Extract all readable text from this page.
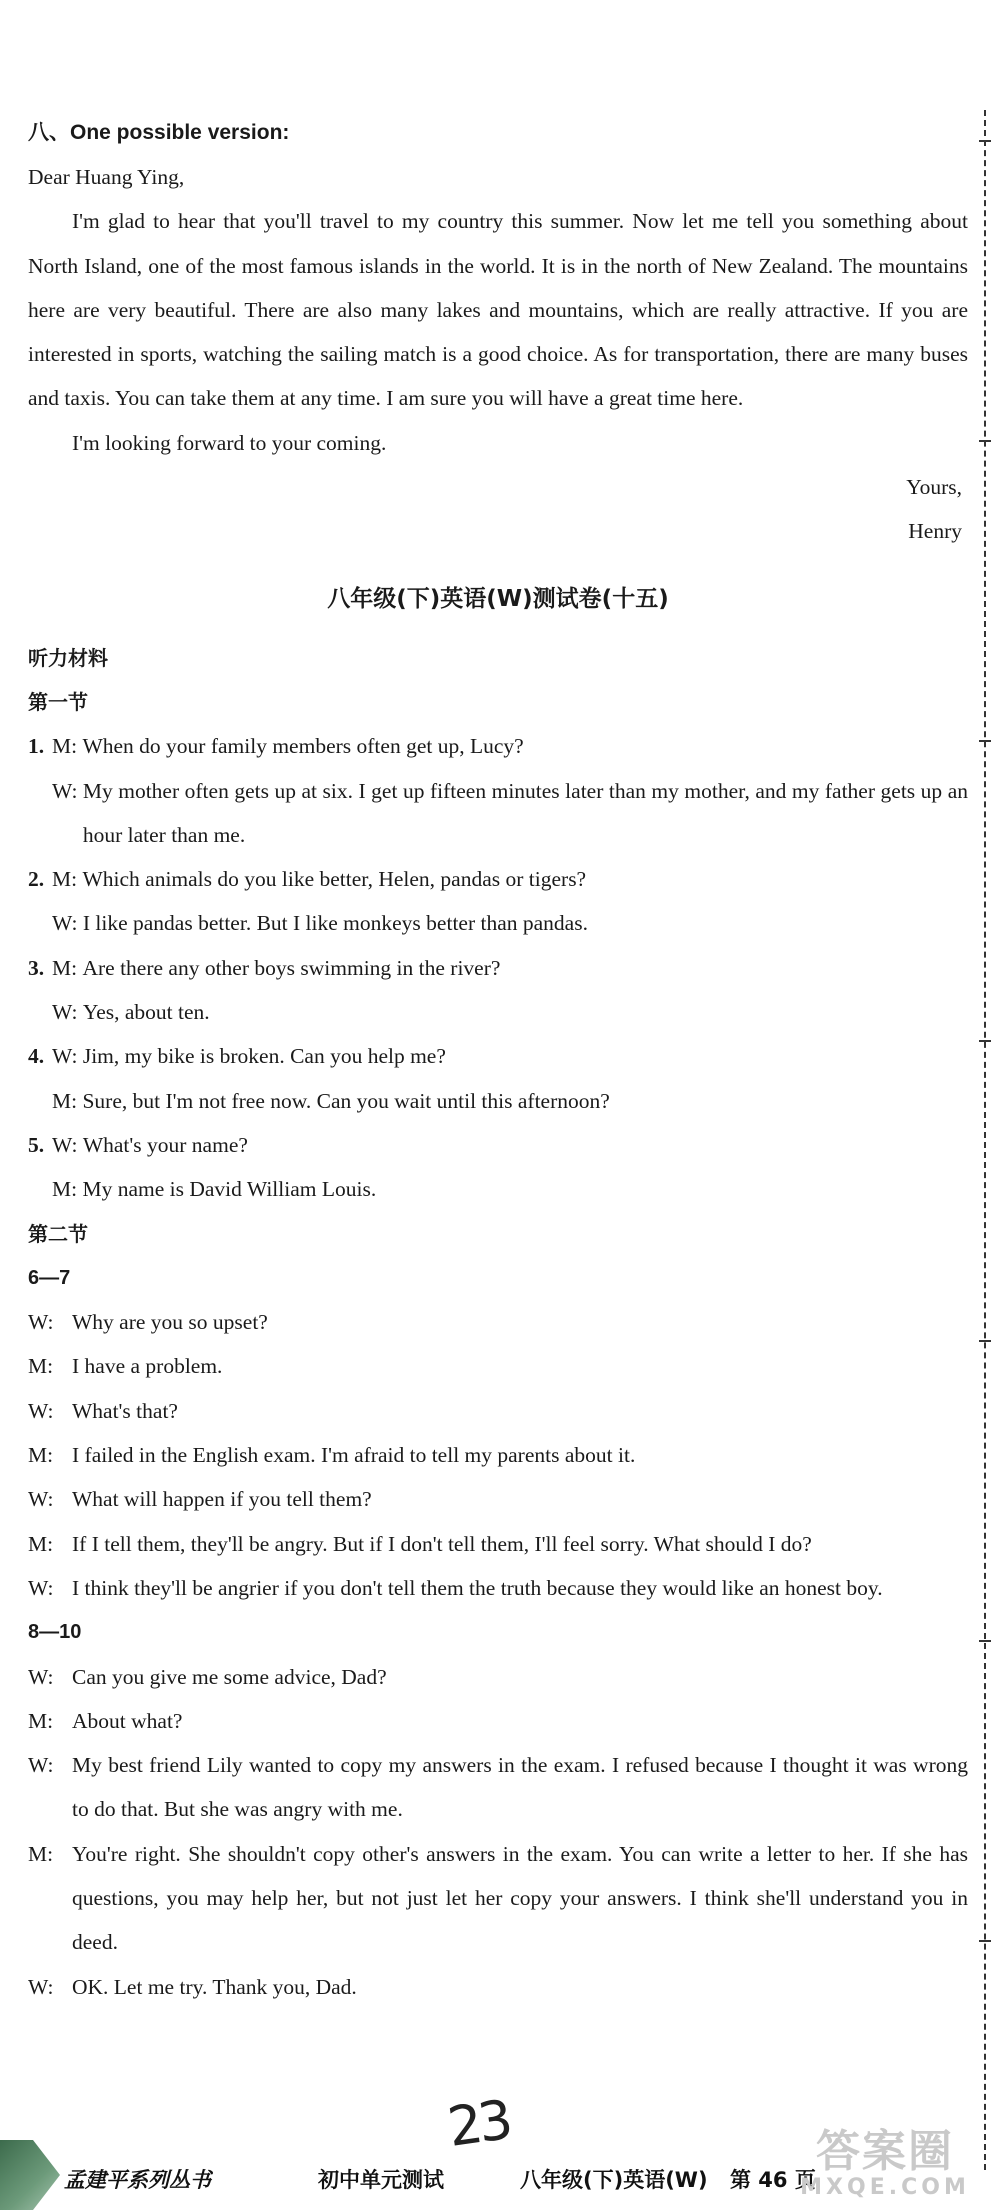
八、One possible version:

Dear Huang Ying,

I'm glad to hear that you'll travel to my country this summer. Now let me tell you something about North Island, one of the most famous islands in the world. It is in the north of New Zealand. The mountains here are very beautiful. There are also many lakes and mountains, which are really attractive. If you are interested in sports, watching the sailing match is a good choice. As for transportation, there are many buses and taxis. You can take them at any time. I am sure you will have a great time here.

I'm looking forward to your coming.

Yours,

Henry

八年级(下)英语(W)测试卷(十五)

听力材料

第一节

1. M:
When do your family members often get up, Lucy?
W:
My mother often gets up at six. I get up fifteen minutes later than my mother, and my father gets up an hour later than me.
2. M:
Which animals do you like better, Helen, pandas or tigers?
W:
I like pandas better. But I like monkeys better than pandas.
3. M:
Are there any other boys swimming in the river?
W:
Yes, about ten.
4. W:
Jim, my bike is broken. Can you help me?
M:
Sure, but I'm not free now. Can you wait until this afternoon?
5. W:
What's your name?
M:
My name is David William Louis.

第二节

6—7

W: Why are you so upset?
M: I have a problem.
W: What's that?
M: I failed in the English exam. I'm afraid to tell my parents about it.
W: What will happen if you tell them?
M: If I tell them, they'll be angry. But if I don't tell them, I'll feel sorry. What should I do?
W: I think they'll be angrier if you don't tell them the truth because they would like an honest boy.

8—10

W: Can you give me some advice, Dad?
M: About what?
W: My best friend Lily wanted to copy my answers in the exam. I refused because I thought it was wrong to do that. But she was angry with me.
M: You're right. She shouldn't copy other's answers in the exam. You can write a letter to her. If she has questions, you may help her, but not just let her copy your answers. I think she'll understand you in deed.
W: OK. Let me try. Thank you, Dad.
23
孟建平系列丛书	初中单元测试	八年级(下)英语(W) 第 46 页
答案圈
MXQE.COM
